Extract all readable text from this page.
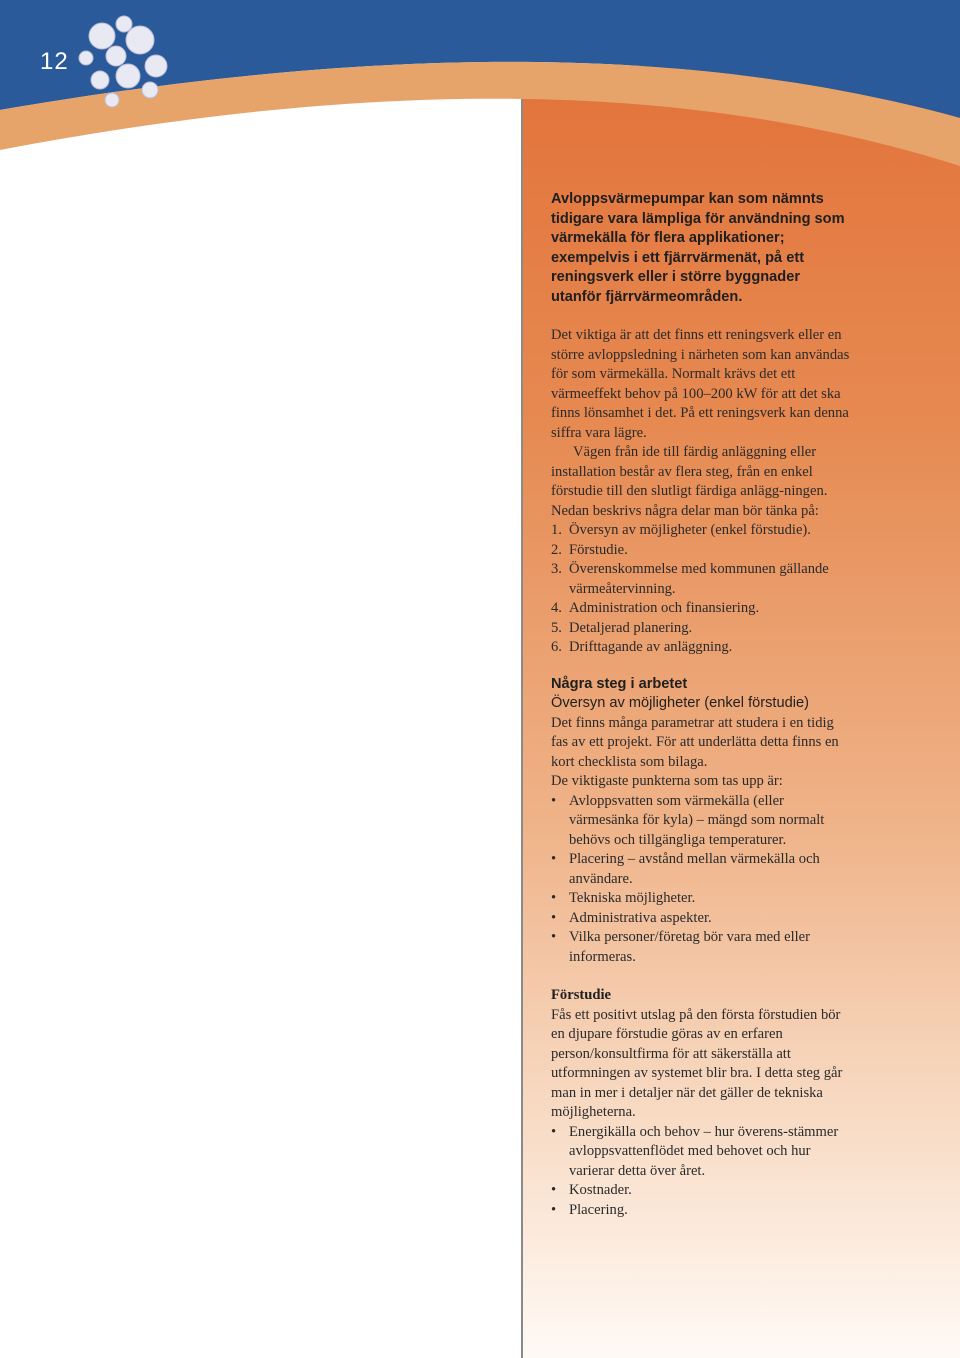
12

Avloppsvärmepumpar kan som nämnts tidigare vara lämpliga för användning som värmekälla för flera applikationer; exempelvis i ett fjärrvärmenät, på ett reningsverk eller i större byggnader utanför fjärrvärmeområden.

Det viktiga är att det finns ett reningsverk eller en större avloppsledning i närheten som kan användas för som värmekälla. Normalt krävs det ett värmeeffekt behov på 100–200 kW för att det ska finns lönsamhet i det. På ett reningsverk kan denna siffra vara lägre.

Vägen från ide till färdig anläggning eller installation består av flera steg, från en enkel förstudie till den slutligt färdiga anlägg-ningen. Nedan beskrivs några delar man bör tänka på:

1. Översyn av möjligheter (enkel förstudie).
2. Förstudie.
3. Överenskommelse med kommunen gällande värmeåtervinning.
4. Administration och finansiering.
5. Detaljerad planering.
6. Drifttagande av anläggning.
Några steg i arbetet
Översyn av möjligheter (enkel förstudie)

Det finns många parametrar att studera i en tidig fas av ett projekt. För att underlätta detta finns en kort checklista som bilaga.

De viktigaste punkterna som tas upp är:

• Avloppsvatten som värmekälla (eller värmesänka för kyla) – mängd som normalt behövs och tillgängliga temperaturer.
• Placering – avstånd mellan värmekälla och användare.
• Tekniska möjligheter.
• Administrativa aspekter.
• Vilka personer/företag bör vara med eller informeras.
Förstudie

Fås ett positivt utslag på den första förstudien bör en djupare förstudie göras av en erfaren person/konsultfirma för att säkerställa att utformningen av systemet blir bra. I detta steg går man in mer i detaljer när det gäller de tekniska möjligheterna.

• Energikälla och behov – hur överens-stämmer avloppsvattenflödet med behovet och hur varierar detta över året.
• Kostnader.
• Placering.
